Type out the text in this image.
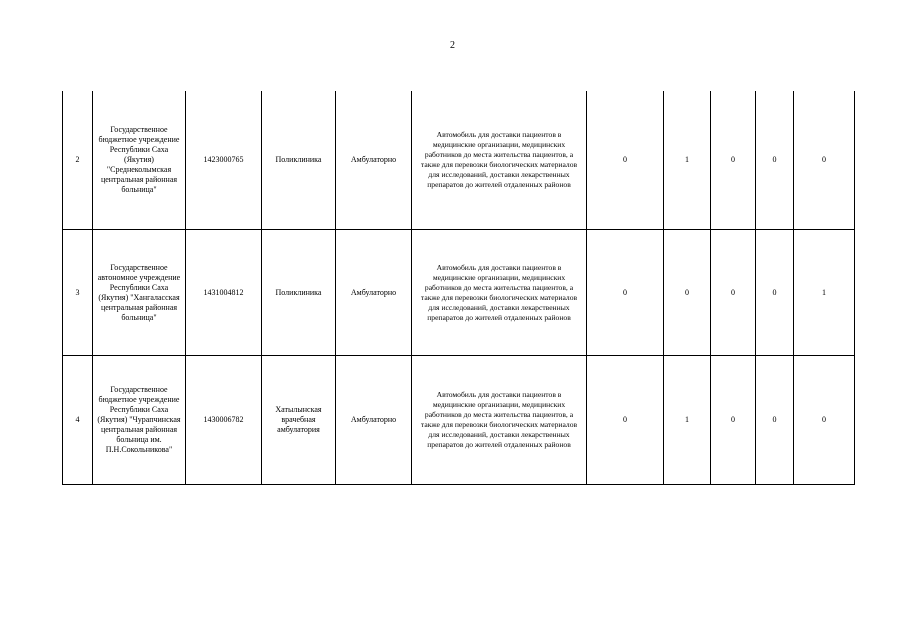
2
2	Государственное бюджетное учреждение Республики Саха (Якутия) "Среднеколымская центральная районная больница"	1423000765	Поликлиника	Амбулаторно	Автомобиль для доставки пациентов в медицинские организации, медицинских работников до места жительства пациентов, а также для перевозки биологических материалов для исследований, доставки лекарственных препаратов до жителей отдаленных районов	0	1	0	0	0
3	Государственное автономное учреждение Республики Саха (Якутия) "Хангаласская центральная районная больница"	1431004812	Поликлиника	Амбулаторно	Автомобиль для доставки пациентов в медицинские организации, медицинских работников до места жительства пациентов, а также для перевозки биологических материалов для исследований, доставки лекарственных препаратов до жителей отдаленных районов	0	0	0	0	1
4	Государственное бюджетное учреждение Республики Саха (Якутия) "Чурапчинская центральная районная больница им. П.Н.Сокольникова"	1430006782	Хатылынская врачебная амбулатория	Амбулаторно	Автомобиль для доставки пациентов в медицинские организации, медицинских работников до места жительства пациентов, а также для перевозки биологических материалов для исследований, доставки лекарственных препаратов до жителей отдаленных районов	0	1	0	0	0
